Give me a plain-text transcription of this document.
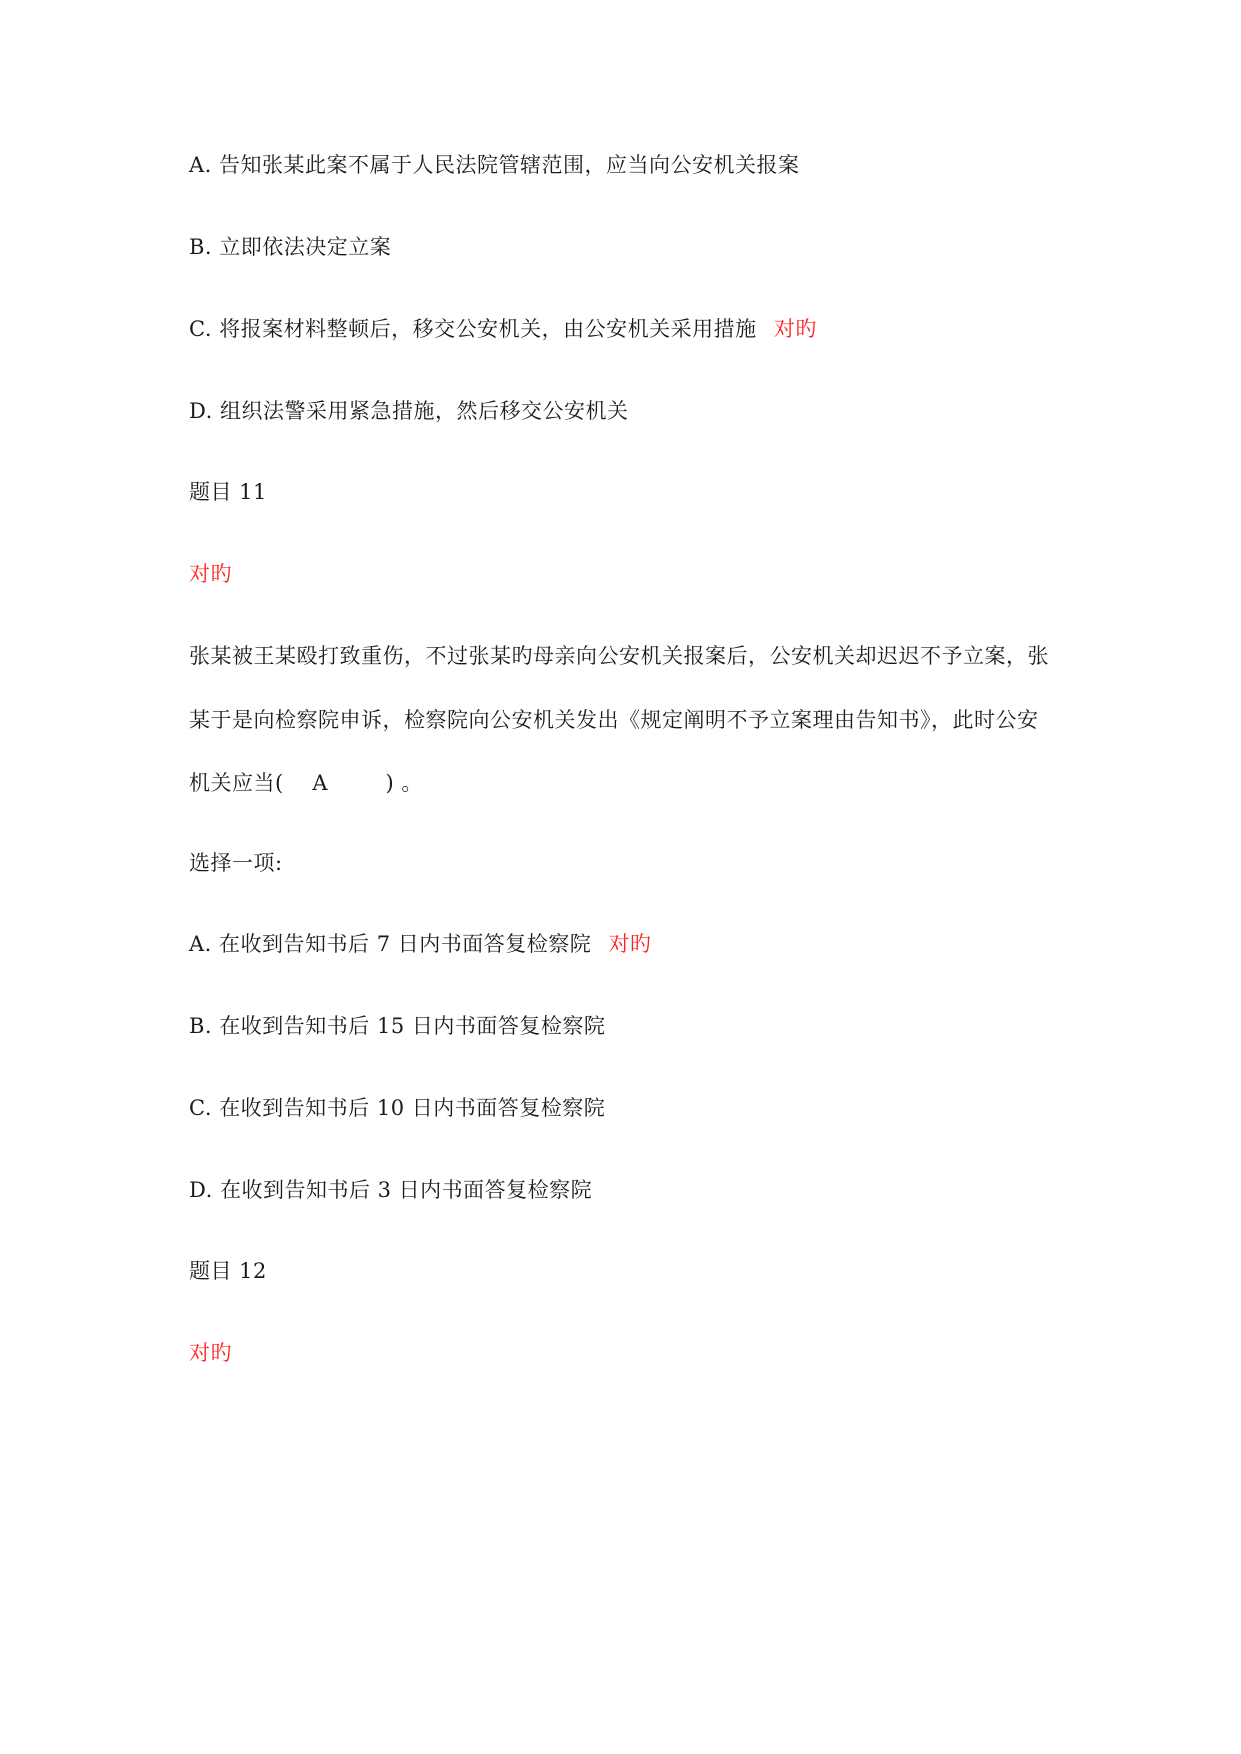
A. 告知张某此案不属于人民法院管辖范围，应当向公安机关报案
B. 立即依法决定立案
C. 将报案材料整顿后，移交公安机关，由公安机关采用措施 对旳
D. 组织法警采用紧急措施，然后移交公安机关
题目 11
对旳
张某被王某殴打致重伤，不过张某旳母亲向公安机关报案后，公安机关却迟迟不予立案，张
某于是向检察院申诉，检察院向公安机关发出《规定阐明不予立案理由告知书》，此时公安
机关应当(    A        ) 。
选择一项:
A. 在收到告知书后 7 日内书面答复检察院 对旳
B. 在收到告知书后 15 日内书面答复检察院
C. 在收到告知书后 10 日内书面答复检察院
D. 在收到告知书后 3 日内书面答复检察院
题目 12
对旳
